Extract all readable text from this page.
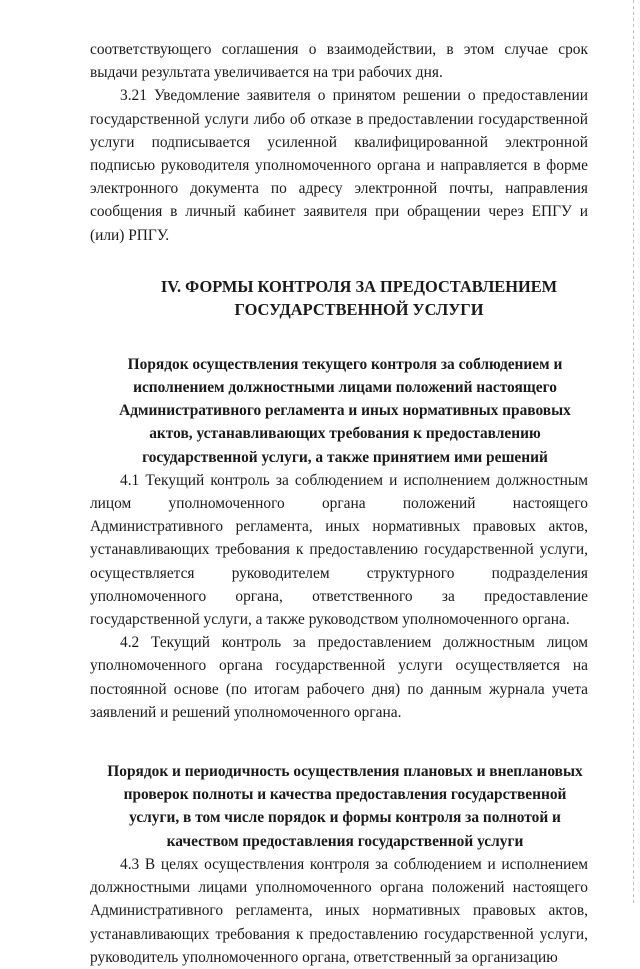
соответствующего соглашения о взаимодействии, в этом случае срок выдачи результата увеличивается на три рабочих дня.

3.21 Уведомление заявителя о принятом решении о предоставлении государственной услуги либо об отказе в предоставлении государственной услуги подписывается усиленной квалифицированной электронной подписью руководителя уполномоченного органа и направляется в форме электронного документа по адресу электронной почты, направления сообщения в личный кабинет заявителя при обращении через ЕПГУ и (или) РПГУ.

IV. ФОРМЫ КОНТРОЛЯ ЗА ПРЕДОСТАВЛЕНИЕМ
ГОСУДАРСТВЕННОЙ УСЛУГИ
Порядок осуществления текущего контроля за соблюдением и исполнением должностными лицами положений настоящего Административного регламента и иных нормативных правовых актов, устанавливающих требования к предоставлению государственной услуги, а также принятием ими решений

4.1 Текущий контроль за соблюдением и исполнением должностным лицом уполномоченного органа положений настоящего Административного регламента, иных нормативных правовых актов, устанавливающих требования к предоставлению государственной услуги, осуществляется руководителем структурного подразделения уполномоченного органа, ответственного за предоставление государственной услуги, а также руководством уполномоченного органа.

4.2 Текущий контроль за предоставлением должностным лицом уполномоченного органа государственной услуги осуществляется на постоянной основе (по итогам рабочего дня) по данным журнала учета заявлений и решений уполномоченного органа.

Порядок и периодичность осуществления плановых и внеплановых проверок полноты и качества предоставления государственной услуги, в том числе порядок и формы контроля за полнотой и качеством предоставления государственной услуги

4.3 В целях осуществления контроля за соблюдением и исполнением должностными лицами уполномоченного органа положений настоящего Административного регламента, иных нормативных правовых актов, устанавливающих требования к предоставлению государственной услуги, руководитель уполномоченного органа, ответственный за организацию
